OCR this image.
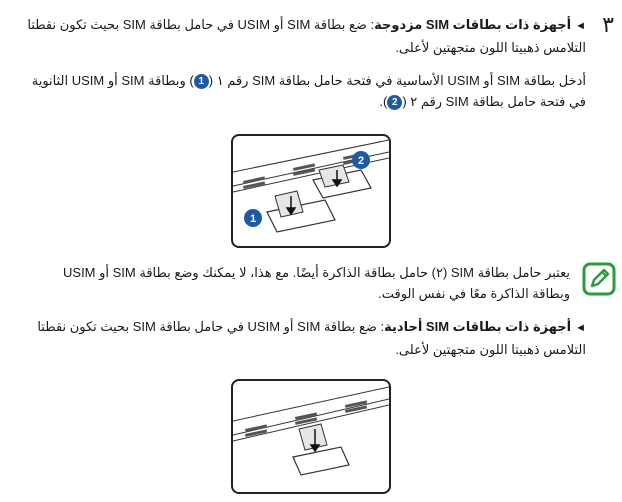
٣
◄أجهزة ذات بطاقات SIM مزدوجة: ضع بطاقة SIM أو USIM في حامل بطاقة SIM بحيث تكون نقطتا التلامس ذهبيتا اللون متجهتين لأعلى.
أدخل بطاقة SIM أو USIM الأساسية في فتحة حامل بطاقة SIM رقم ١ (1) وبطاقة SIM أو USIM الثانوية في فتحة حامل بطاقة SIM رقم ٢ (2).
1
2
يعتبر حامل بطاقة SIM (٢) حامل بطاقة الذاكرة أيضًا. مع هذا، لا يمكنك وضع بطاقة SIM أو USIM وبطاقة الذاكرة معًا في نفس الوقت.
◄أجهزة ذات بطاقات SIM أحادية: ضع بطاقة SIM أو USIM في حامل بطاقة SIM بحيث تكون نقطتا التلامس ذهبيتا اللون متجهتين لأعلى.
